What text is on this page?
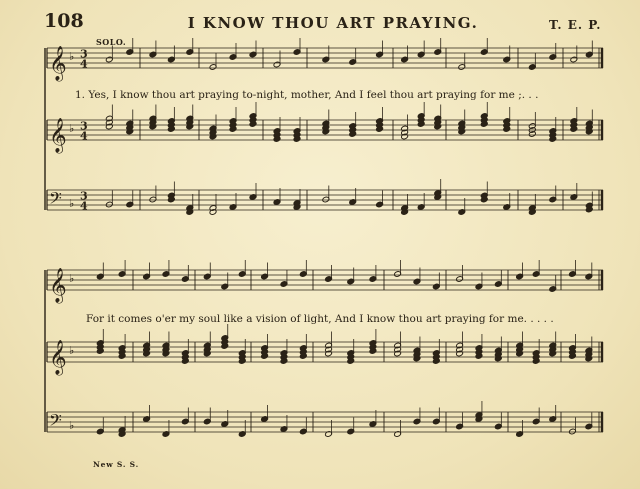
108	I KNOW THOU ART PRAYING.	T. E. P.
SOLO.
𝄞 ♭ 3
4
𝄞 ♭ 3
4
𝄢 ♭
3
4
𝄞 ♭
𝄞 ♭
𝄢 ♭
1. Yes, I know thou art praying to-night, mother, And I feel thou art praying for me ;. . .
For it comes o'er my soul like a vision of light, And I know thou art praying for me. . . . .
New S. S.
